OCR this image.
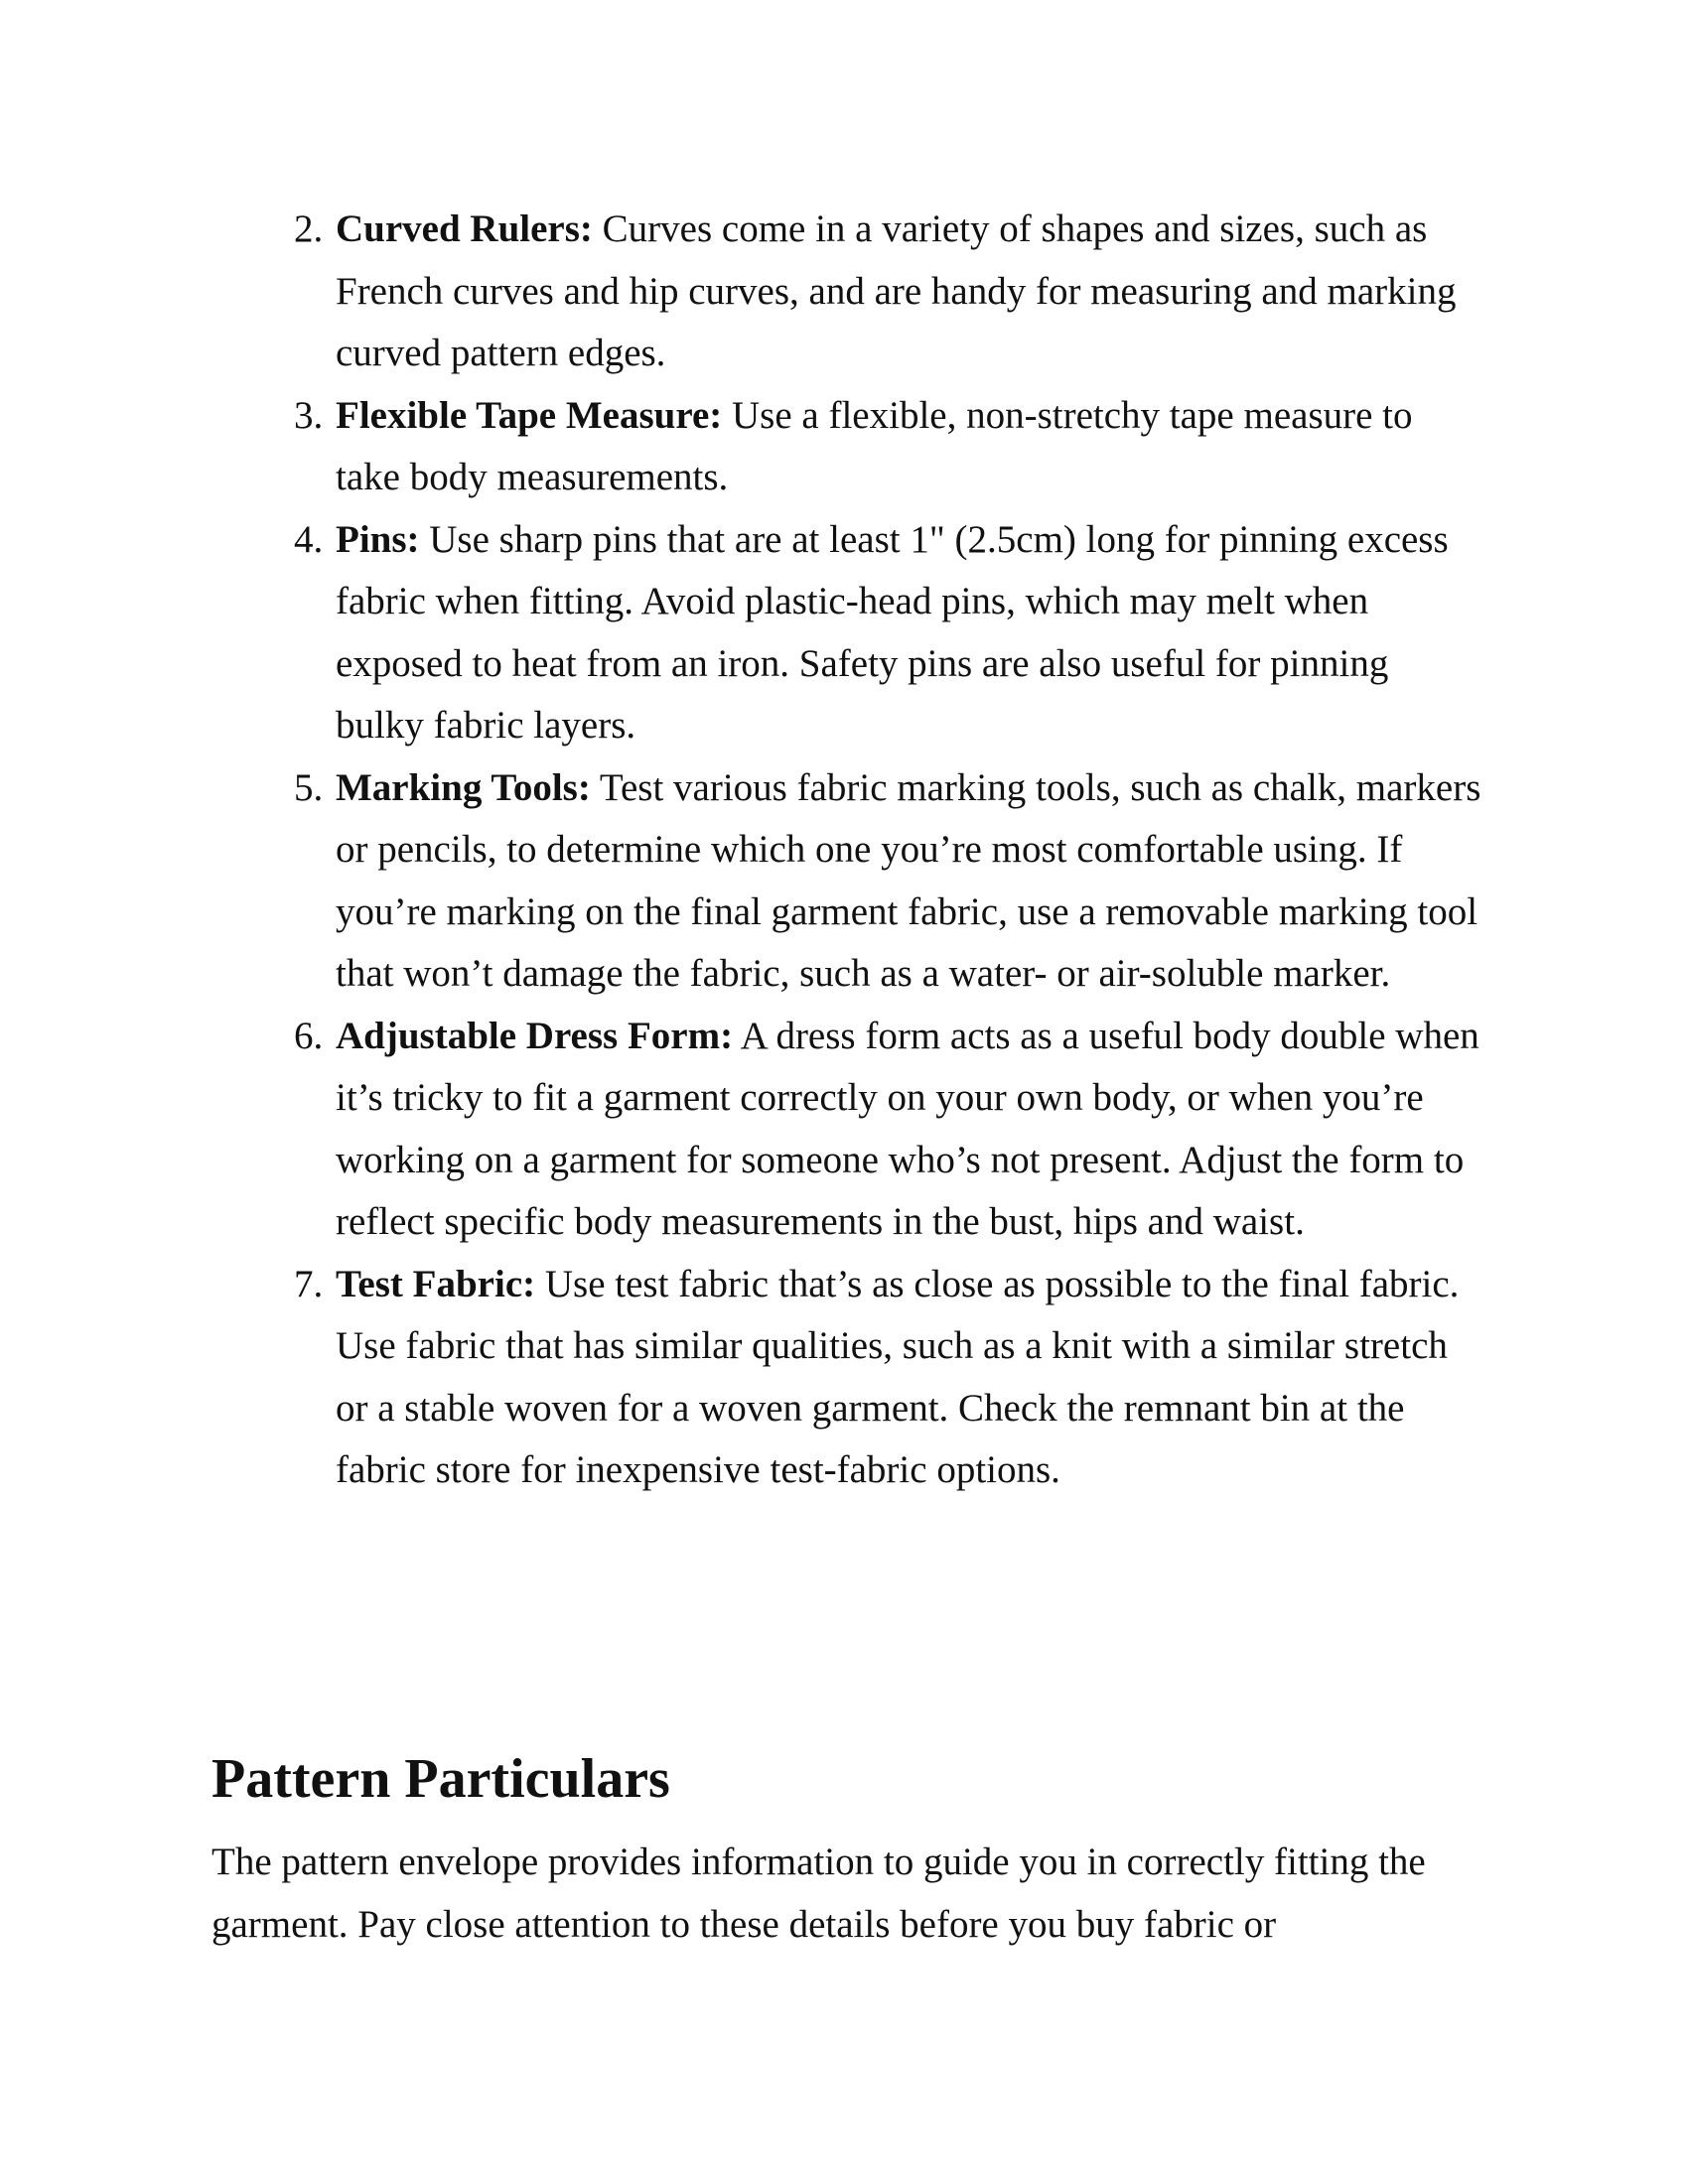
2. Curved Rulers: Curves come in a variety of shapes and sizes, such as French curves and hip curves, and are handy for measuring and marking curved pattern edges.
3. Flexible Tape Measure: Use a flexible, non-stretchy tape measure to take body measurements.
4. Pins: Use sharp pins that are at least 1" (2.5cm) long for pinning excess fabric when fitting. Avoid plastic-head pins, which may melt when exposed to heat from an iron. Safety pins are also useful for pinning bulky fabric layers.
5. Marking Tools: Test various fabric marking tools, such as chalk, markers or pencils, to determine which one you’re most comfortable using. If you’re marking on the final garment fabric, use a removable marking tool that won’t damage the fabric, such as a water- or air-soluble marker.
6. Adjustable Dress Form: A dress form acts as a useful body double when it’s tricky to fit a garment correctly on your own body, or when you’re working on a garment for someone who’s not present. Adjust the form to reflect specific body measurements in the bust, hips and waist.
7. Test Fabric: Use test fabric that’s as close as possible to the final fabric. Use fabric that has similar qualities, such as a knit with a similar stretch or a stable woven for a woven garment. Check the remnant bin at the fabric store for inexpensive test-fabric options.
Pattern Particulars

The pattern envelope provides information to guide you in correctly fitting the garment. Pay close attention to these details before you buy fabric or
